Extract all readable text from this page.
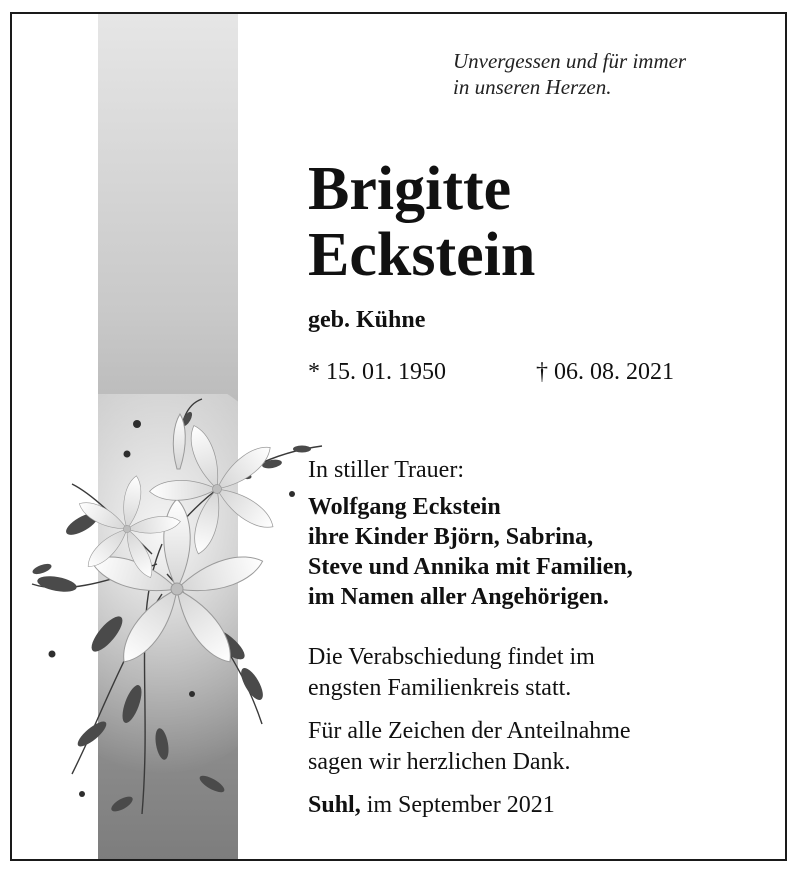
Unvergessen und für immer
in unseren Herzen.
Brigitte
Eckstein
geb. Kühne
* 15. 01. 1950	† 06. 08. 2021
In stiller Trauer:
Wolfgang Eckstein
ihre Kinder Björn, Sabrina,
Steve und Annika mit Familien,
im Namen aller Angehörigen.
Die Verabschiedung findet im
engsten Familienkreis statt.
Für alle Zeichen der Anteilnahme
sagen wir herzlichen Dank.
Suhl, im September 2021
